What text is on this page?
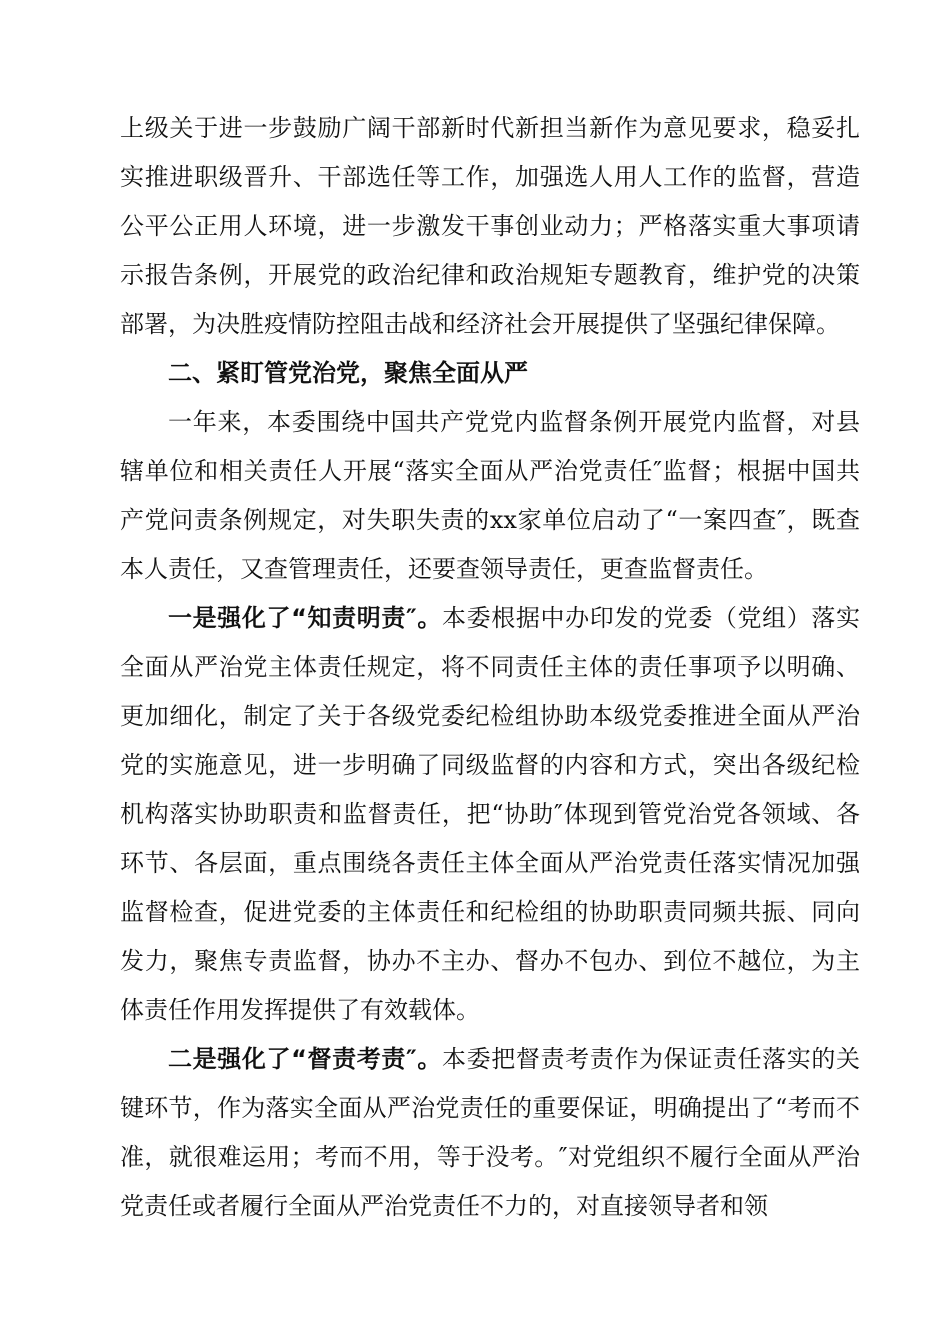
上级关于进一步鼓励广阔干部新时代新担当新作为意见要求，稳妥扎实推进职级晋升、干部选任等工作，加强选人用人工作的监督，营造公平公正用人环境，进一步激发干事创业动力；严格落实重大事项请示报告条例，开展党的政治纪律和政治规矩专题教育，维护党的决策部署，为决胜疫情防控阻击战和经济社会开展提供了坚强纪律保障。

二、紧盯管党治党，聚焦全面从严

一年来，本委围绕中国共产党党内监督条例开展党内监督，对县辖单位和相关责任人开展“落实全面从严治党责任″监督；根据中国共产党问责条例规定，对失职失责的xx家单位启动了“一案四查″，既查本人责任，又查管理责任，还要查领导责任，更查监督责任。

一是强化了“知责明责″。本委根据中办印发的党委（党组）落实全面从严治党主体责任规定，将不同责任主体的责任事项予以明确、更加细化，制定了关于各级党委纪检组协助本级党委推进全面从严治党的实施意见，进一步明确了同级监督的内容和方式，突出各级纪检机构落实协助职责和监督责任，把“协助″体现到管党治党各领域、各环节、各层面，重点围绕各责任主体全面从严治党责任落实情况加强监督检查，促进党委的主体责任和纪检组的协助职责同频共振、同向发力，聚焦专责监督，协办不主办、督办不包办、到位不越位，为主体责任作用发挥提供了有效载体。

二是强化了“督责考责″。本委把督责考责作为保证责任落实的关键环节，作为落实全面从严治党责任的重要保证，明确提出了“考而不准，就很难运用；考而不用，等于没考。″对党组织不履行全面从严治党责任或者履行全面从严治党责任不力的，对直接领导者和领
